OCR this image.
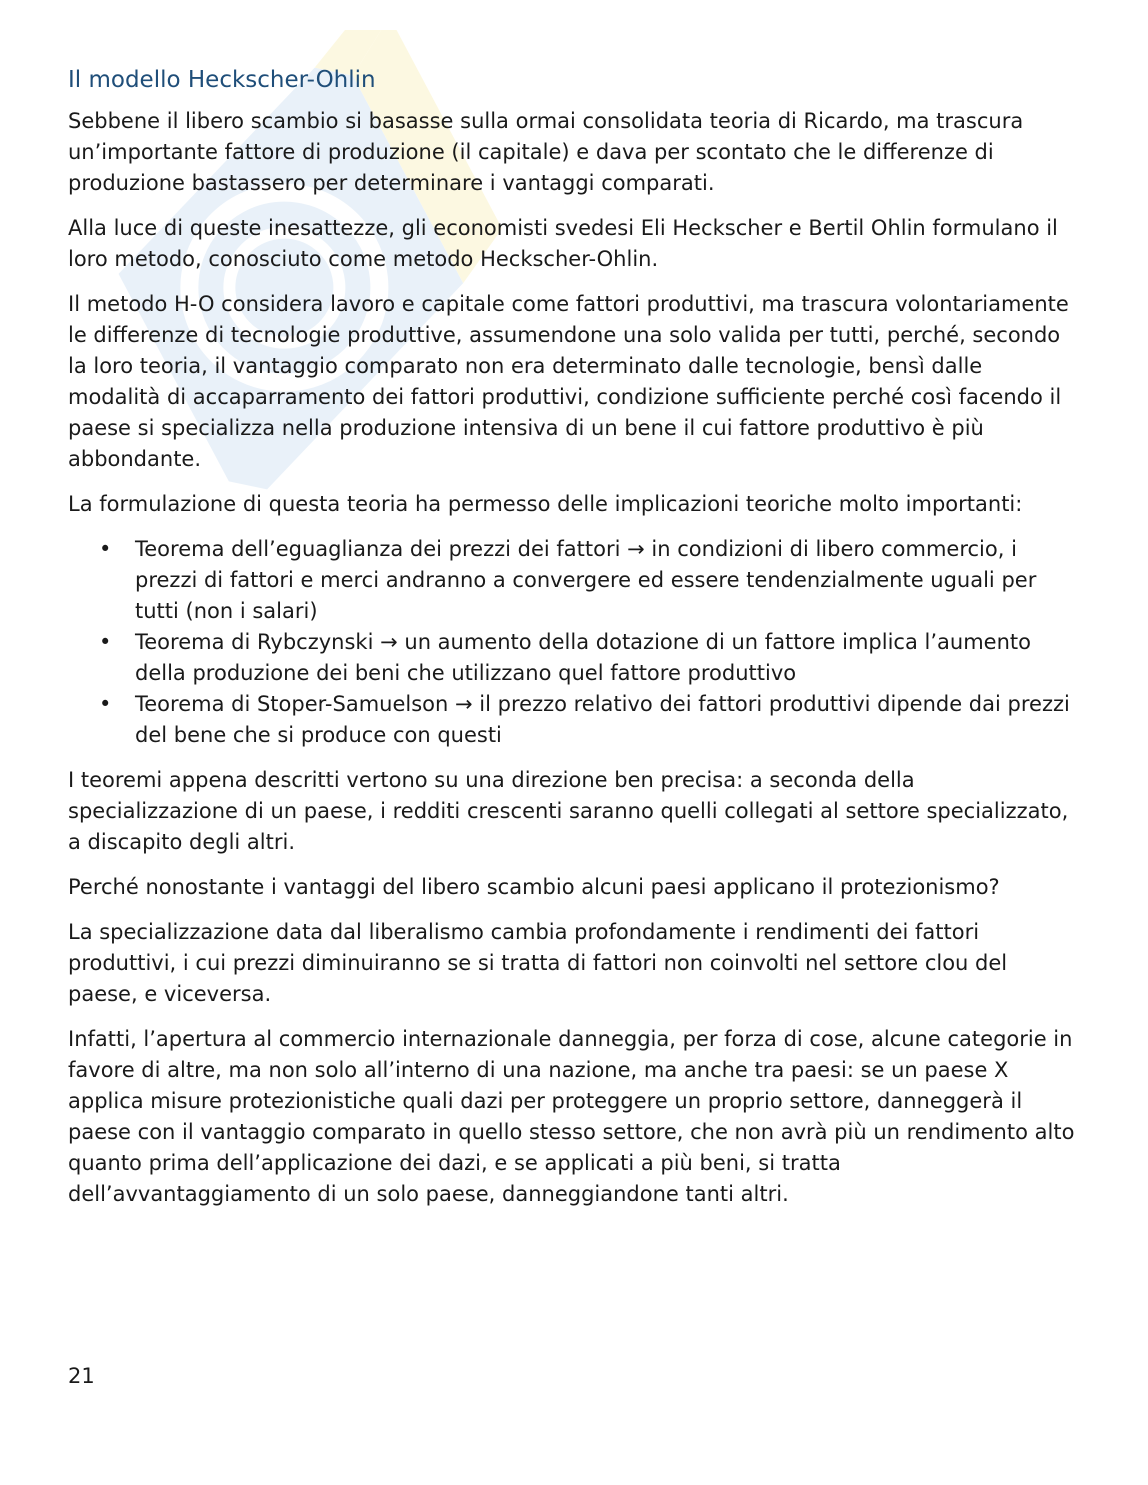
Il modello Heckscher-Ohlin

Sebbene il libero scambio si basasse sulla ormai consolidata teoria di Ricardo, ma trascura un’importante fattore di produzione (il capitale) e dava per scontato che le differenze di produzione bastassero per determinare i vantaggi comparati.

Alla luce di queste inesattezze, gli economisti svedesi Eli Heckscher e Bertil Ohlin formulano il loro metodo, conosciuto come metodo Heckscher-Ohlin.

Il metodo H-O considera lavoro e capitale come fattori produttivi, ma trascura volontariamente le differenze di tecnologie produttive, assumendone una solo valida per tutti, perché, secondo la loro teoria, il vantaggio comparato non era determinato dalle tecnologie, bensì dalle modalità di accaparramento dei fattori produttivi, condizione sufficiente perché così facendo il paese si specializza nella produzione intensiva di un bene il cui fattore produttivo è più abbondante.

La formulazione di questa teoria ha permesso delle implicazioni teoriche molto importanti:

• Teorema dell’eguaglianza dei prezzi dei fattori → in condizioni di libero commercio, i prezzi di fattori e merci andranno a convergere ed essere tendenzialmente uguali per tutti (non i salari)
• Teorema di Rybczynski → un aumento della dotazione di un fattore implica l’aumento della produzione dei beni che utilizzano quel fattore produttivo
• Teorema di Stoper-Samuelson → il prezzo relativo dei fattori produttivi dipende dai prezzi del bene che si produce con questi

I teoremi appena descritti vertono su una direzione ben precisa: a seconda della specializzazione di un paese, i redditi crescenti saranno quelli collegati al settore specializzato, a discapito degli altri.

Perché nonostante i vantaggi del libero scambio alcuni paesi applicano il protezionismo?

La specializzazione data dal liberalismo cambia profondamente i rendimenti dei fattori produttivi, i cui prezzi diminuiranno se si tratta di fattori non coinvolti nel settore clou del paese, e viceversa.

Infatti, l’apertura al commercio internazionale danneggia, per forza di cose, alcune categorie in favore di altre, ma non solo all’interno di una nazione, ma anche tra paesi: se un paese X applica misure protezionistiche quali dazi per proteggere un proprio settore, danneggerà il paese con il vantaggio comparato in quello stesso settore, che non avrà più un rendimento alto quanto prima dell’applicazione dei dazi, e se applicati a più beni, si tratta dell’avvantaggiamento di un solo paese, danneggiandone tanti altri.

21
